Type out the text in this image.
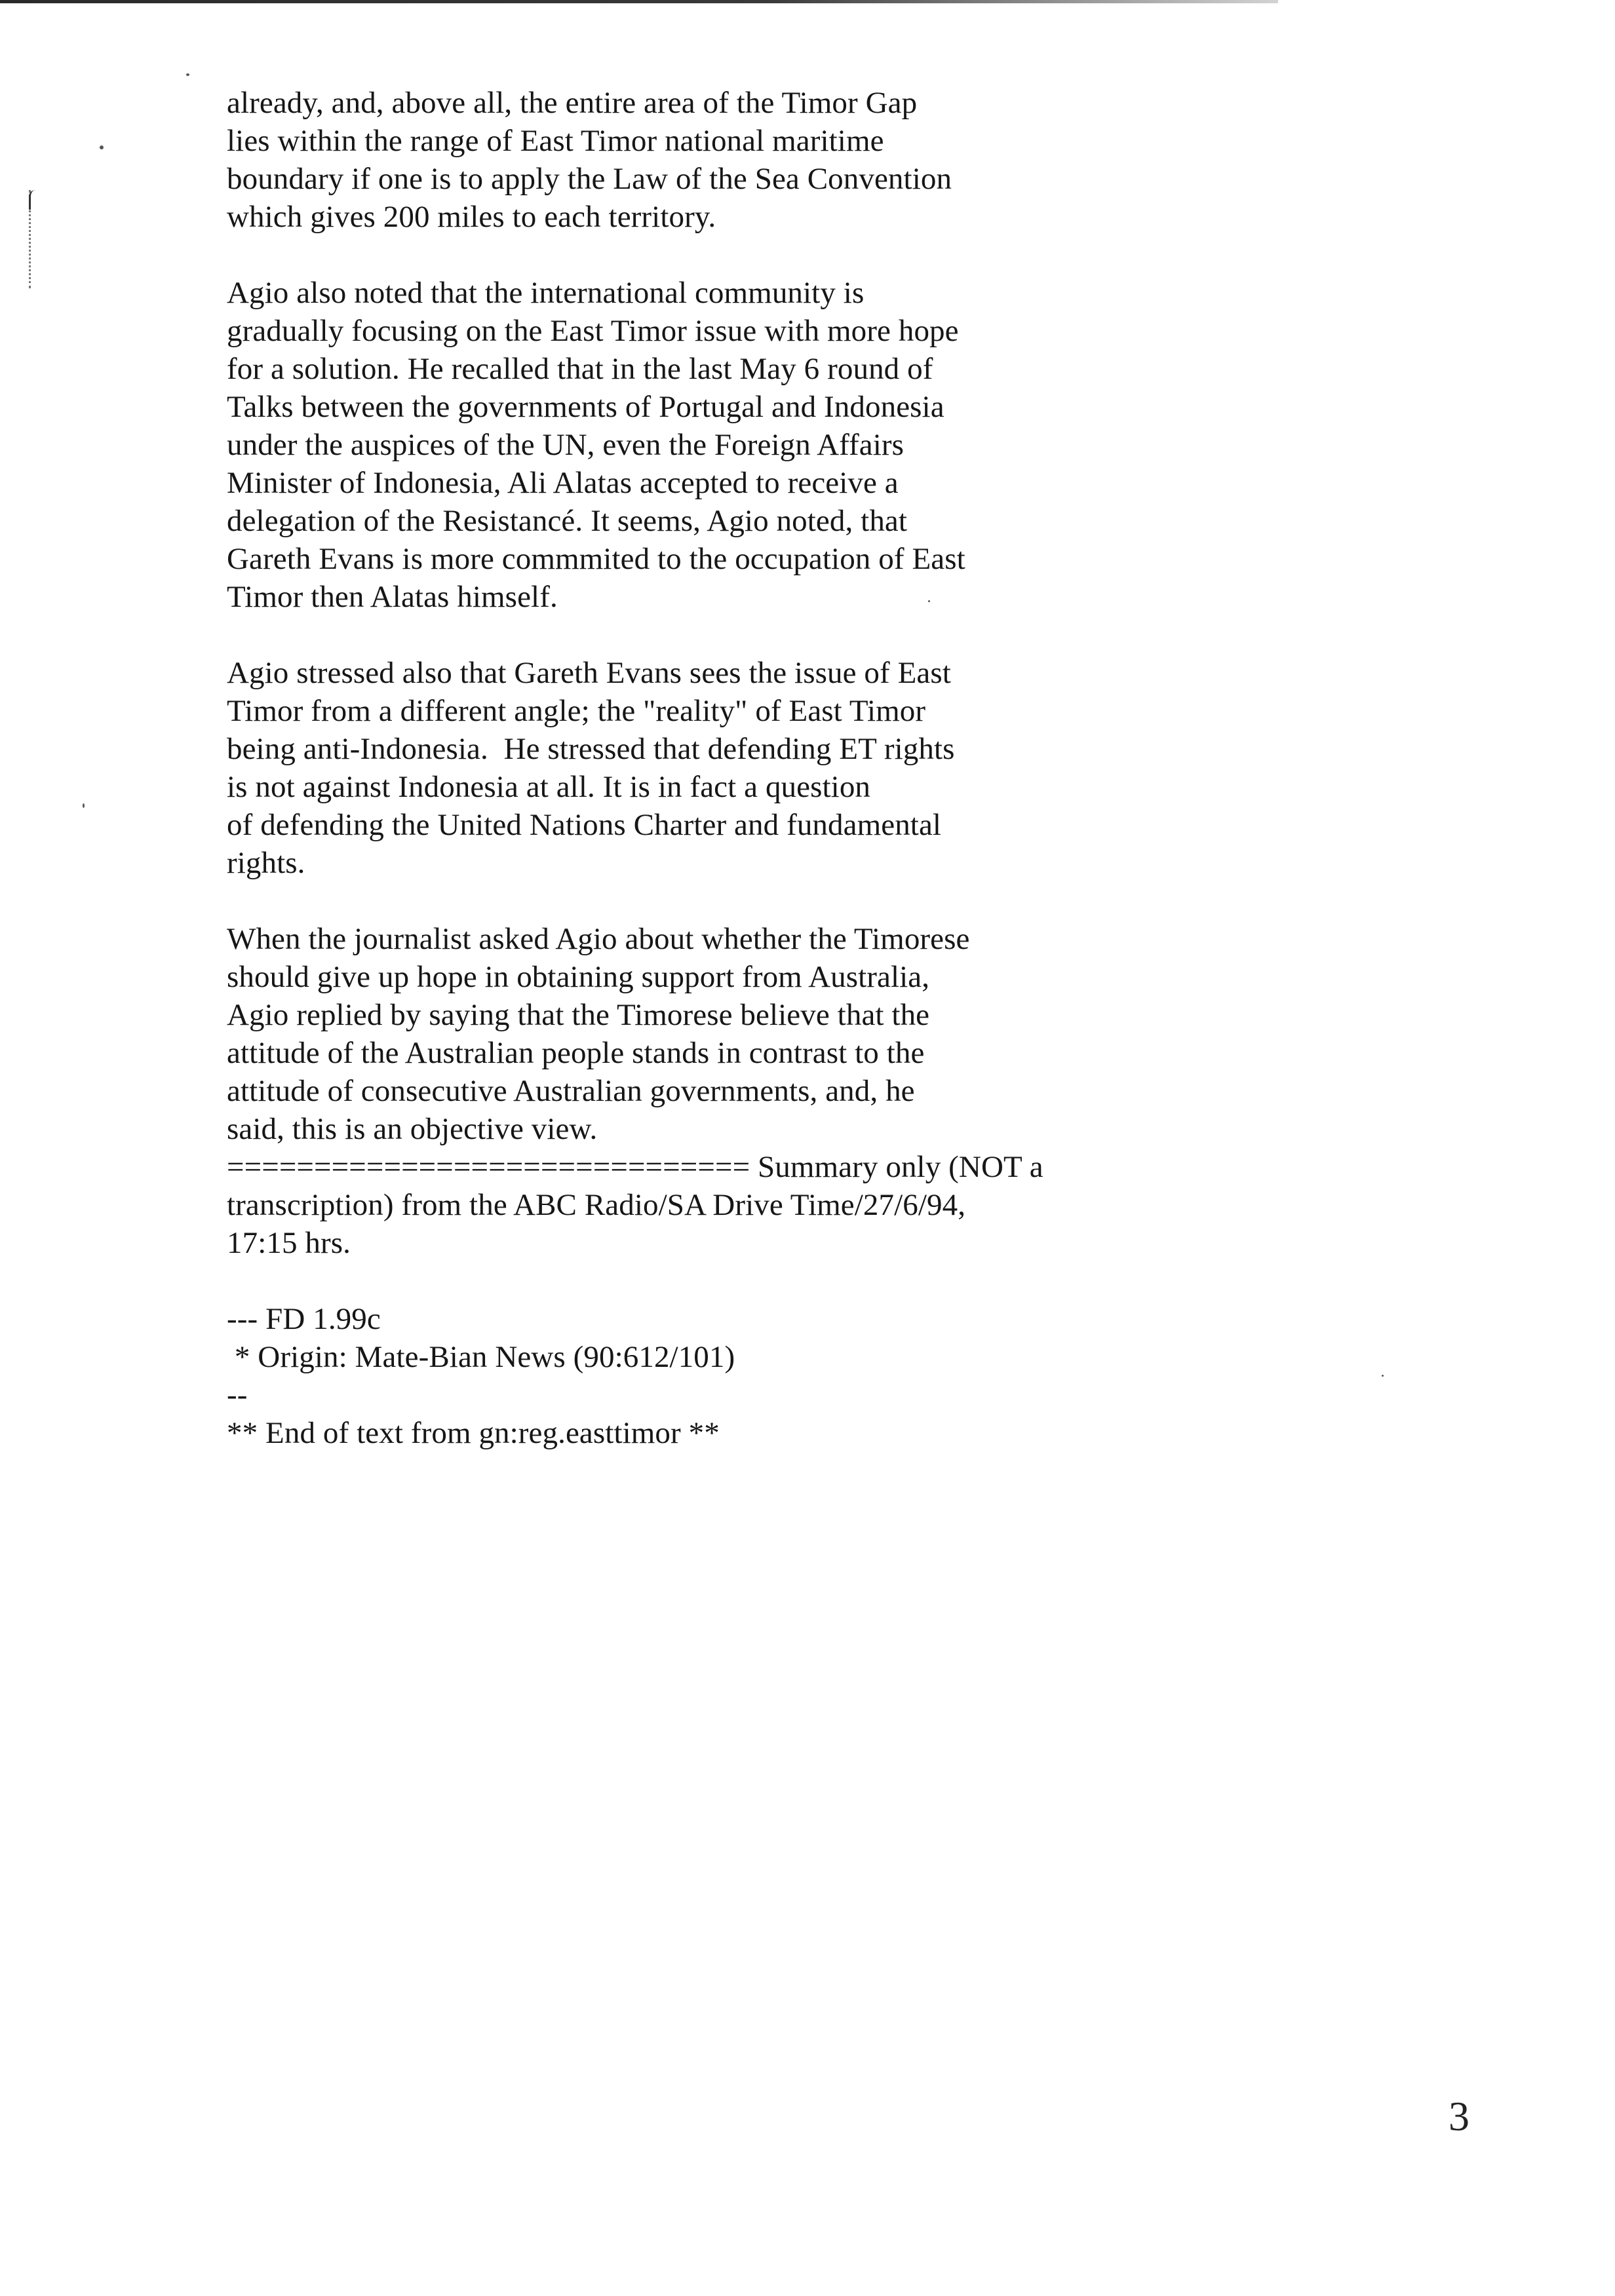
already, and, above all, the entire area of the Timor Gap
lies within the range of East Timor national maritime
boundary if one is to apply the Law of the Sea Convention
which gives 200 miles to each territory.
Agio also noted that the international community is
gradually focusing on the East Timor issue with more hope
for a solution. He recalled that in the last May 6 round of
Talks between the governments of Portugal and Indonesia
under the auspices of the UN, even the Foreign Affairs
Minister of Indonesia, Ali Alatas accepted to receive a
delegation of the Resistancé. It seems, Agio noted, that
Gareth Evans is more commmited to the occupation of East
Timor then Alatas himself.
Agio stressed also that Gareth Evans sees the issue of East
Timor from a different angle; the "reality" of East Timor
being anti-Indonesia.  He stressed that defending ET rights
is not against Indonesia at all. It is in fact a question
of defending the United Nations Charter and fundamental
rights.
When the journalist asked Agio about whether the Timorese
should give up hope in obtaining support from Australia,
Agio replied by saying that the Timorese believe that the
attitude of the Australian people stands in contrast to the
attitude of consecutive Australian governments, and, he
said, this is an objective view.
============================== Summary only (NOT a
transcription) from the ABC Radio/SA Drive Time/27/6/94,
17:15 hrs.
--- FD 1.99c
* Origin: Mate-Bian News (90:612/101)
--
** End of text from gn:reg.easttimor **
3
